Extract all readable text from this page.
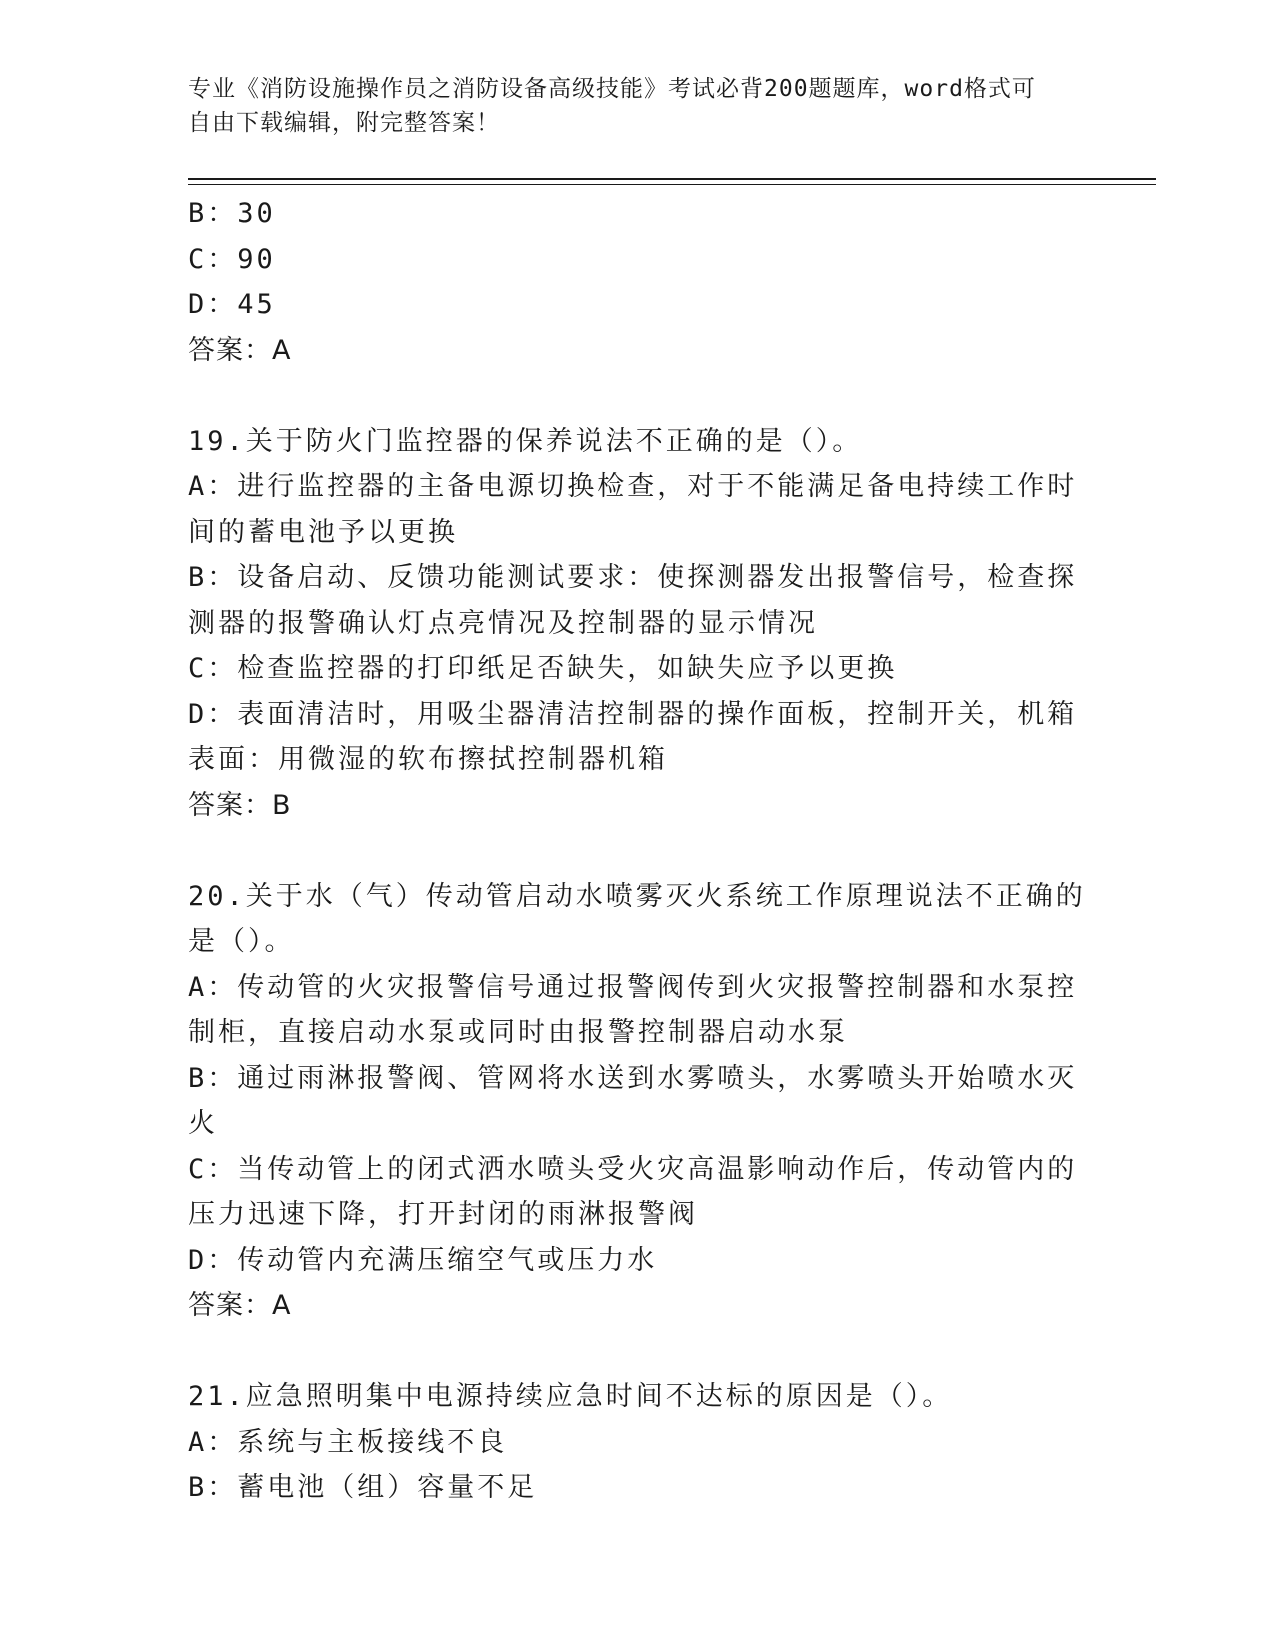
专业《消防设施操作员之消防设备高级技能》考试必背200题题库，word格式可
自由下载编辑，附完整答案！

B：30

C：90

D：45

答案：A

19.关于防火门监控器的保养说法不正确的是（）。

A：进行监控器的主备电源切换检查，对于不能满足备电持续工作时间的蓄电池予以更换

B：设备启动、反馈功能测试要求：使探测器发出报警信号，检查探测器的报警确认灯点亮情况及控制器的显示情况

C：检查监控器的打印纸足否缺失，如缺失应予以更换

D：表面清洁时，用吸尘器清洁控制器的操作面板，控制开关，机箱表面：用微湿的软布擦拭控制器机箱

答案：B

20.关于水（气）传动管启动水喷雾灭火系统工作原理说法不正确的是（）。

A：传动管的火灾报警信号通过报警阀传到火灾报警控制器和水泵控制柜，直接启动水泵或同时由报警控制器启动水泵

B：通过雨淋报警阀、管网将水送到水雾喷头，水雾喷头开始喷水灭火

C：当传动管上的闭式洒水喷头受火灾高温影响动作后，传动管内的压力迅速下降，打开封闭的雨淋报警阀

D：传动管内充满压缩空气或压力水

答案：A

21.应急照明集中电源持续应急时间不达标的原因是（）。

A：系统与主板接线不良

B：蓄电池（组）容量不足
